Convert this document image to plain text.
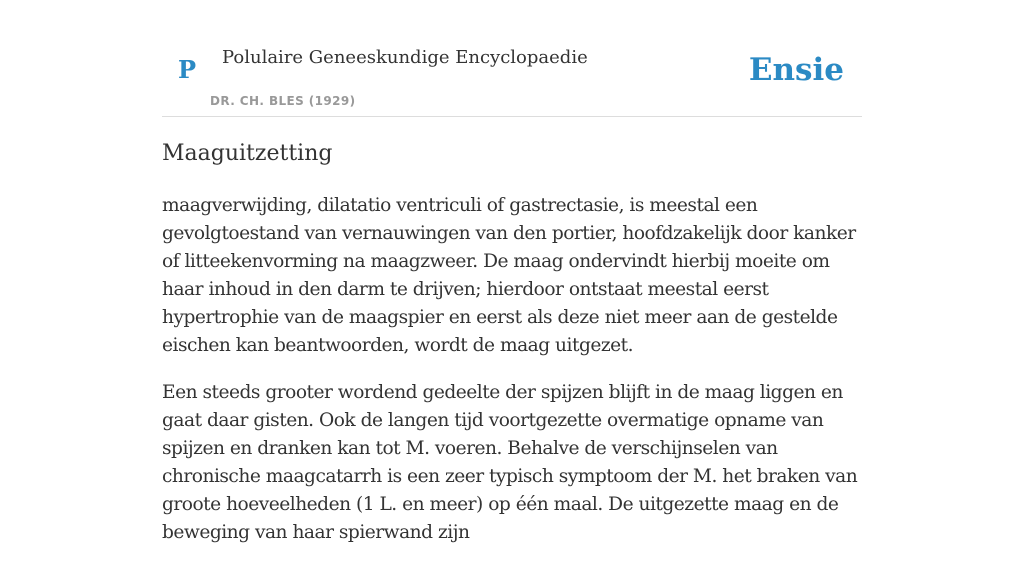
P Polulaire Geneeskundige Encyclopaedie
DR. CH. BLES (1929)
Ensie
Maaguitzetting

maagverwijding, dilatatio ventriculi of gastrectasie, is meestal een gevolgtoestand van vernauwingen van den portier, hoofdzakelijk door kanker of litteekenvorming na maagzweer. De maag ondervindt hierbij moeite om haar inhoud in den darm te drijven; hierdoor ontstaat meestal eerst hypertrophie van de maagspier en eerst als deze niet meer aan de gestelde eischen kan beantwoorden, wordt de maag uitgezet.

Een steeds grooter wordend gedeelte der spijzen blijft in de maag liggen en gaat daar gisten. Ook de langen tijd voortgezette overmatige opname van spijzen en dranken kan tot M. voeren. Behalve de verschijnselen van chronische maagcatarrh is een zeer typisch symptoom der M. het braken van groote hoeveelheden (1 L. en meer) op één maal. De uitgezette maag en de beweging van haar spierwand zijn
